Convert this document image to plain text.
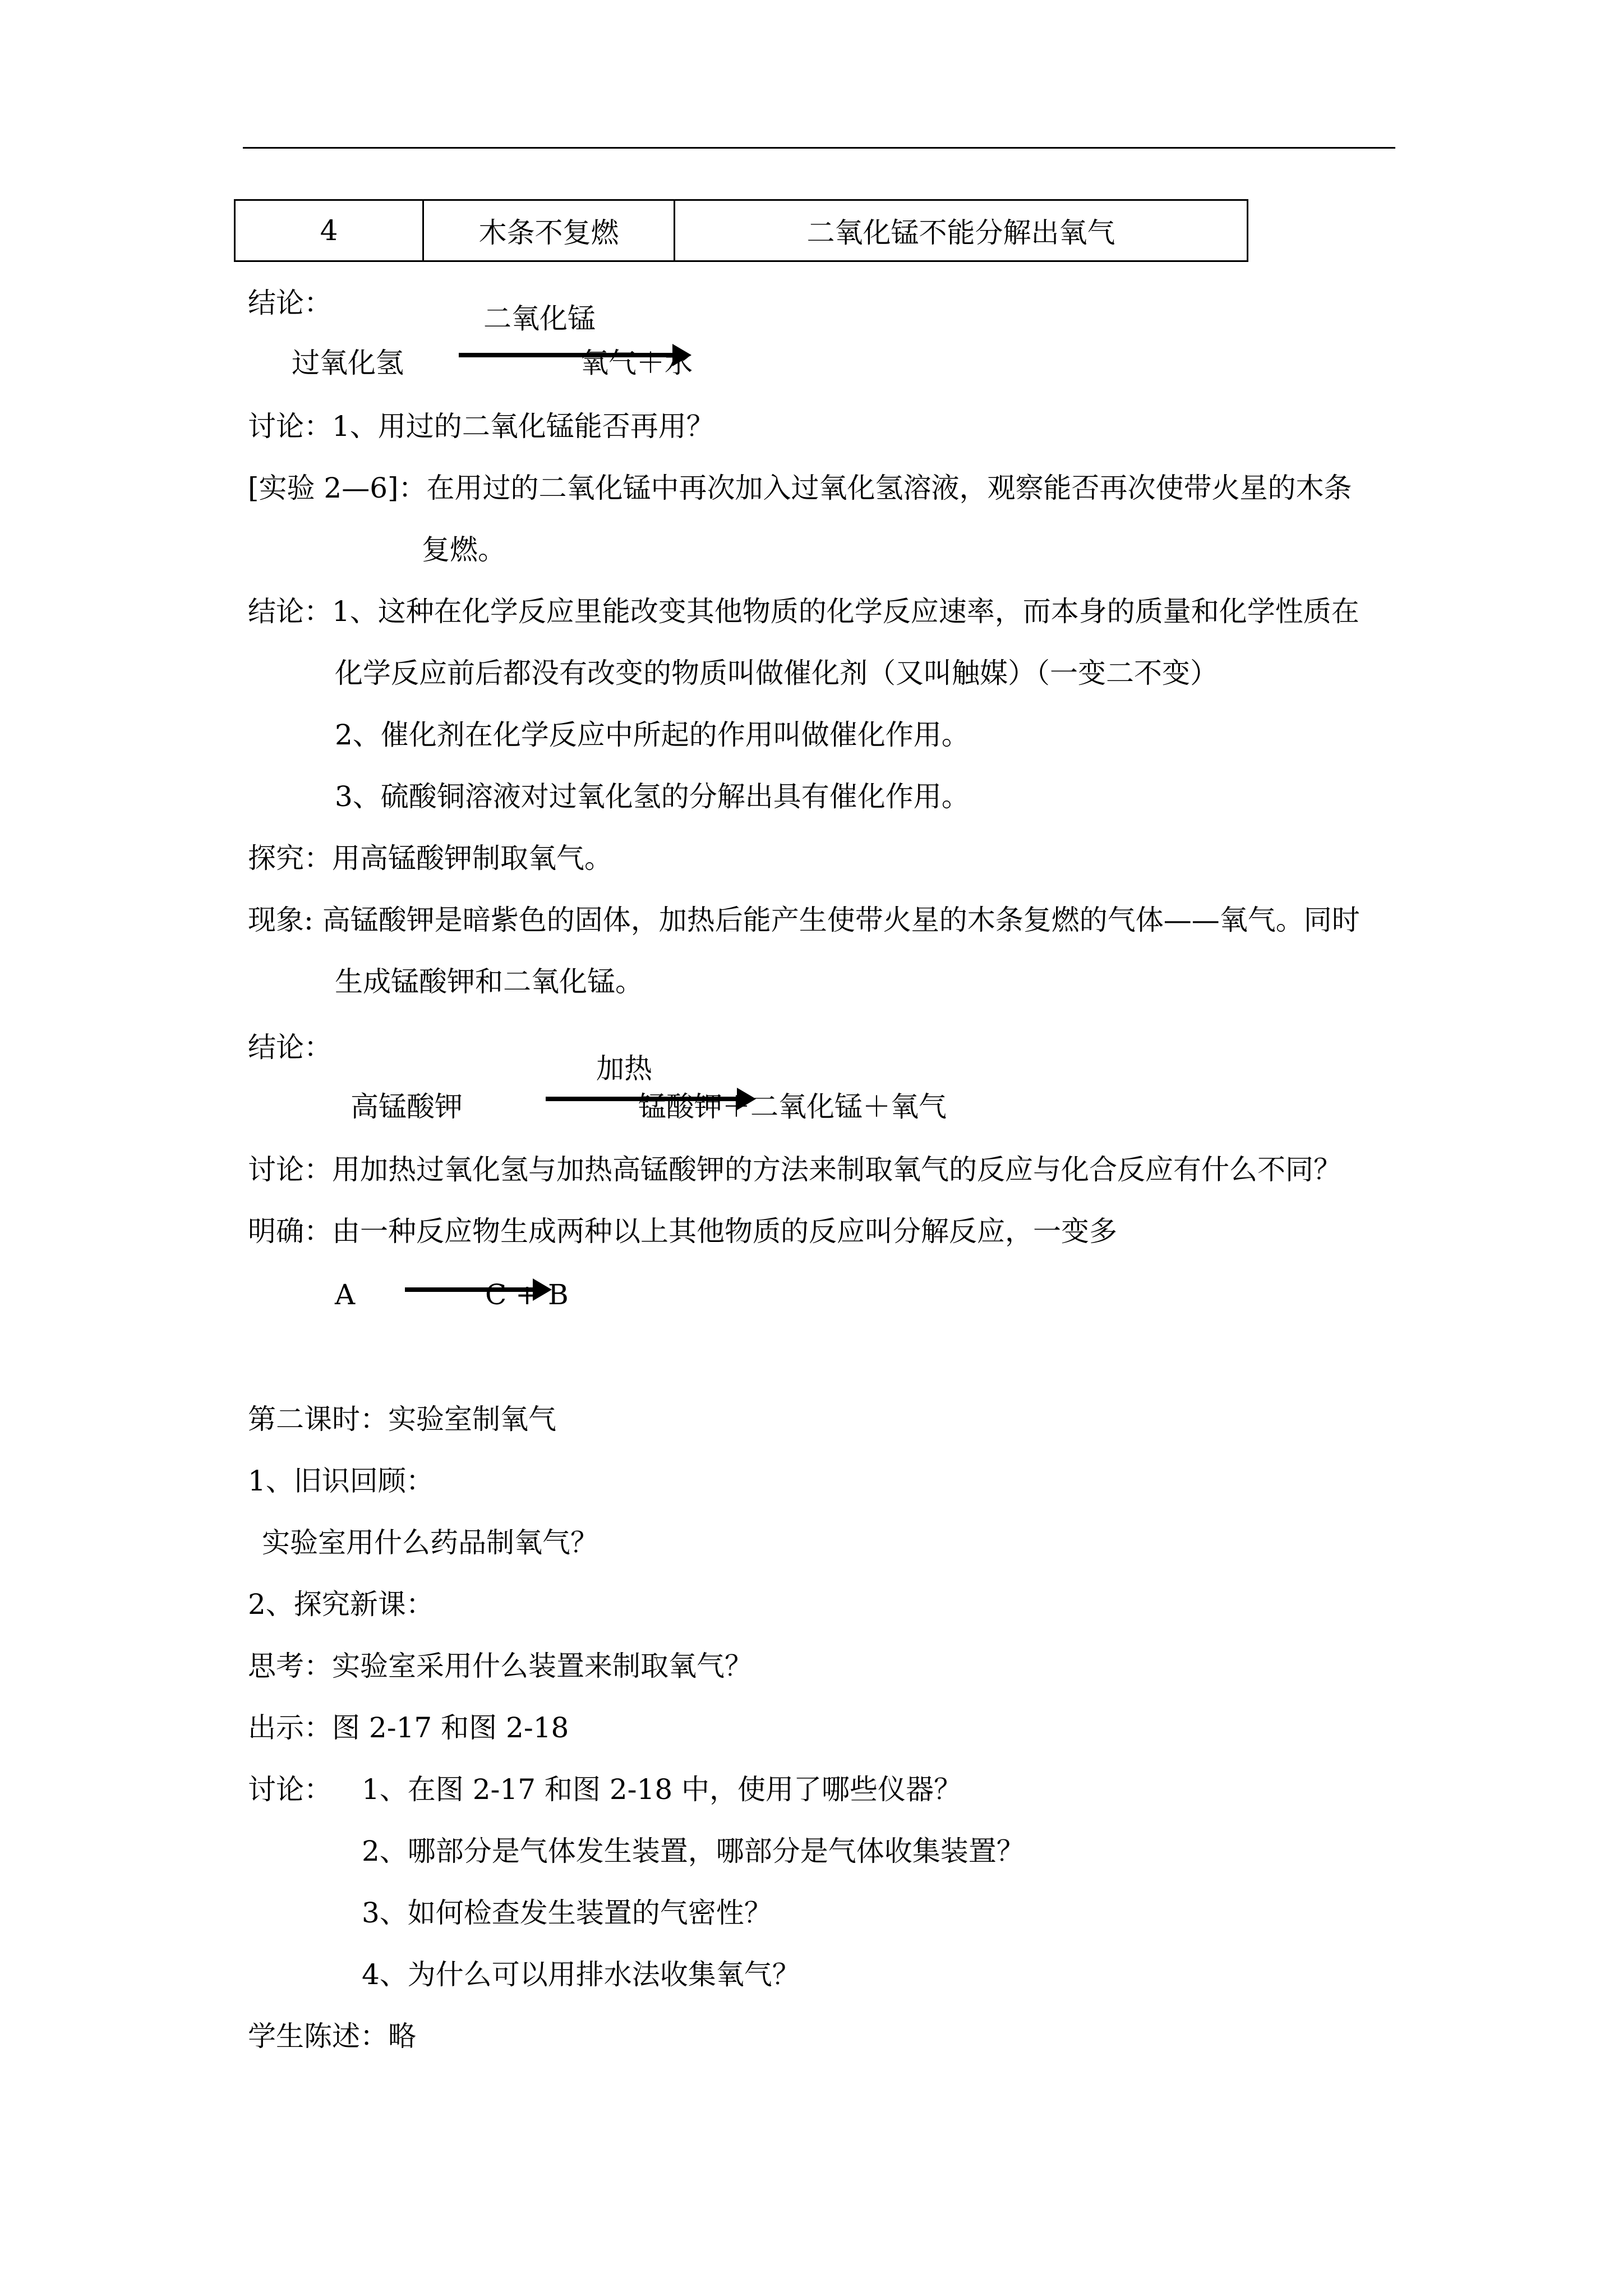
4	木条不复燃	二氧化锰不能分解出氧气
结论：	二氧化锰
过氧化氢	氧气＋水
讨论：1、用过的二氧化锰能否再用？
[实验 2—6]：在用过的二氧化锰中再次加入过氧化氢溶液，观察能否再次使带火星的木条
复燃。
结论：1、这种在化学反应里能改变其他物质的化学反应速率，而本身的质量和化学性质在
化学反应前后都没有改变的物质叫做催化剂（又叫触媒）（一变二不变）
2、催化剂在化学反应中所起的作用叫做催化作用。
3、硫酸铜溶液对过氧化氢的分解出具有催化作用。
探究：用高锰酸钾制取氧气。
现象: 高锰酸钾是暗紫色的固体，加热后能产生使带火星的木条复燃的气体——氧气。同时
生成锰酸钾和二氧化锰。
结论：
加热
高锰酸钾	锰酸钾＋二氧化锰＋氧气
讨论：用加热过氧化氢与加热高锰酸钾的方法来制取氧气的反应与化合反应有什么不同？
明确：由一种反应物生成两种以上其他物质的反应叫分解反应，一变多
A	C + B
第二课时：实验室制氧气
1、旧识回顾：
实验室用什么药品制氧气？
2、探究新课：
思考：实验室采用什么装置来制取氧气？
出示：图 2-17 和图 2-18
讨论： 1、在图 2-17 和图 2-18 中，使用了哪些仪器？
2、哪部分是气体发生装置，哪部分是气体收集装置？
3、如何检查发生装置的气密性？
4、为什么可以用排水法收集氧气？
学生陈述：略
